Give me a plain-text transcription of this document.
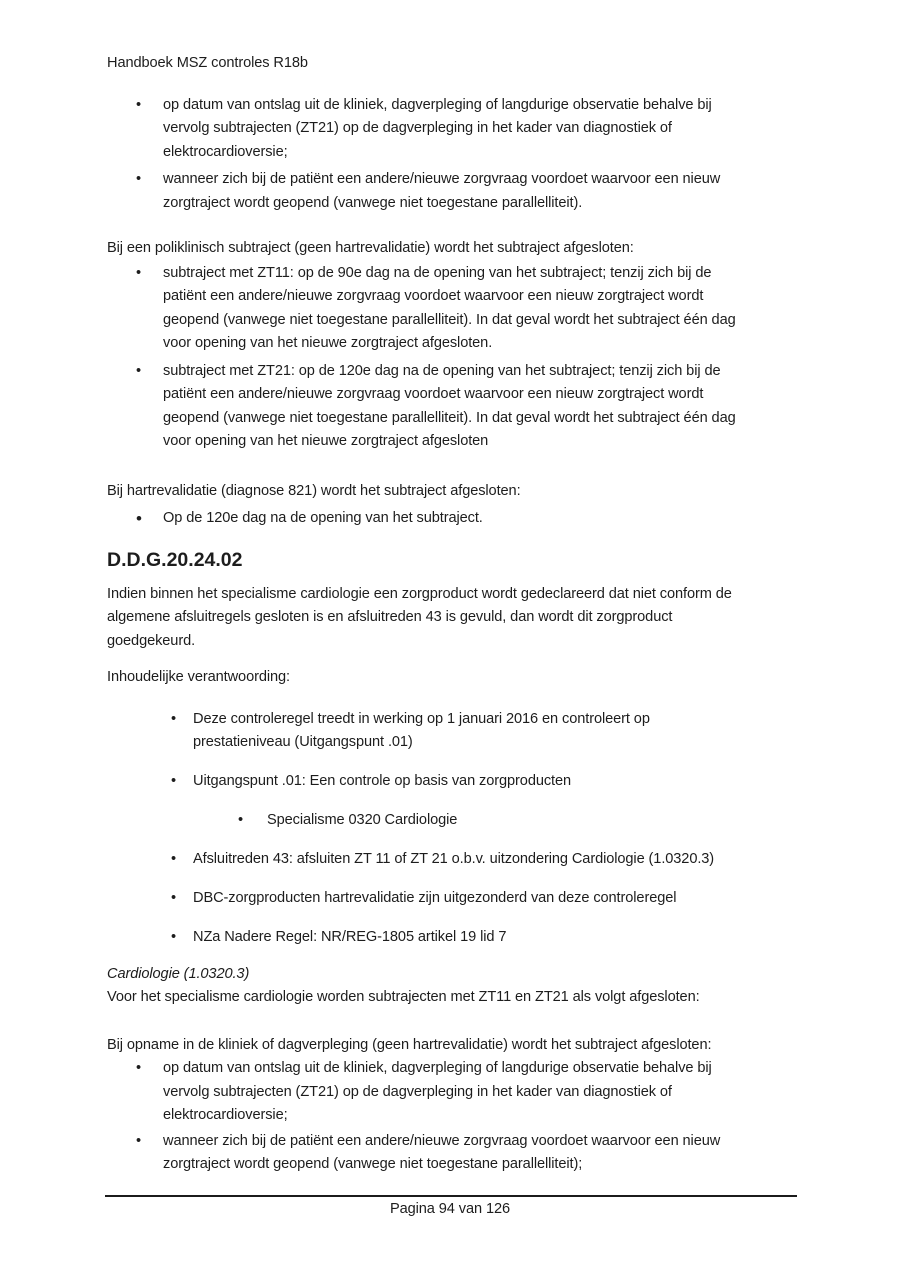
Handboek MSZ controles R18b
• op datum van ontslag uit de kliniek, dagverpleging of langdurige observatie behalve bij
vervolg subtrajecten (ZT21) op de dagverpleging in het kader van diagnostiek of
elektrocardioversie;
• wanneer zich bij de patiënt een andere/nieuwe zorgvraag voordoet waarvoor een nieuw
zorgtraject wordt geopend (vanwege niet toegestane parallelliteit).
Bij een poliklinisch subtraject (geen hartrevalidatie) wordt het subtraject afgesloten:
• subtraject met ZT11: op de 90e dag na de opening van het subtraject; tenzij zich bij de
patiënt een andere/nieuwe zorgvraag voordoet waarvoor een nieuw zorgtraject wordt
geopend (vanwege niet toegestane parallelliteit). In dat geval wordt het subtraject één dag
voor opening van het nieuwe zorgtraject afgesloten.
• subtraject met ZT21: op de 120e dag na de opening van het subtraject; tenzij zich bij de
patiënt een andere/nieuwe zorgvraag voordoet waarvoor een nieuw zorgtraject wordt
geopend (vanwege niet toegestane parallelliteit). In dat geval wordt het subtraject één dag
voor opening van het nieuwe zorgtraject afgesloten
Bij hartrevalidatie (diagnose 821) wordt het subtraject afgesloten:
• Op de 120e dag na de opening van het subtraject.
D.D.G.20.24.02
Indien binnen het specialisme cardiologie een zorgproduct wordt gedeclareerd dat niet conform de
algemene afsluitregels gesloten is en afsluitreden 43 is gevuld, dan wordt dit zorgproduct
goedgekeurd.
Inhoudelijke verantwoording:
• Deze controleregel treedt in werking op 1 januari 2016 en controleert op
prestatieniveau (Uitgangspunt .01)
• Uitgangspunt .01: Een controle op basis van zorgproducten
• Specialisme 0320 Cardiologie
• Afsluitreden 43: afsluiten ZT 11 of ZT 21 o.b.v. uitzondering Cardiologie (1.0320.3)
• DBC-zorgproducten hartrevalidatie zijn uitgezonderd van deze controleregel
• NZa Nadere Regel: NR/REG-1805 artikel 19 lid 7
Cardiologie (1.0320.3)
Voor het specialisme cardiologie worden subtrajecten met ZT11 en ZT21 als volgt afgesloten:
Bij opname in de kliniek of dagverpleging (geen hartrevalidatie) wordt het subtraject afgesloten:
• op datum van ontslag uit de kliniek, dagverpleging of langdurige observatie behalve bij
vervolg subtrajecten (ZT21) op de dagverpleging in het kader van diagnostiek of
elektrocardioversie;
• wanneer zich bij de patiënt een andere/nieuwe zorgvraag voordoet waarvoor een nieuw
zorgtraject wordt geopend (vanwege niet toegestane parallelliteit);
Pagina 94 van 126
